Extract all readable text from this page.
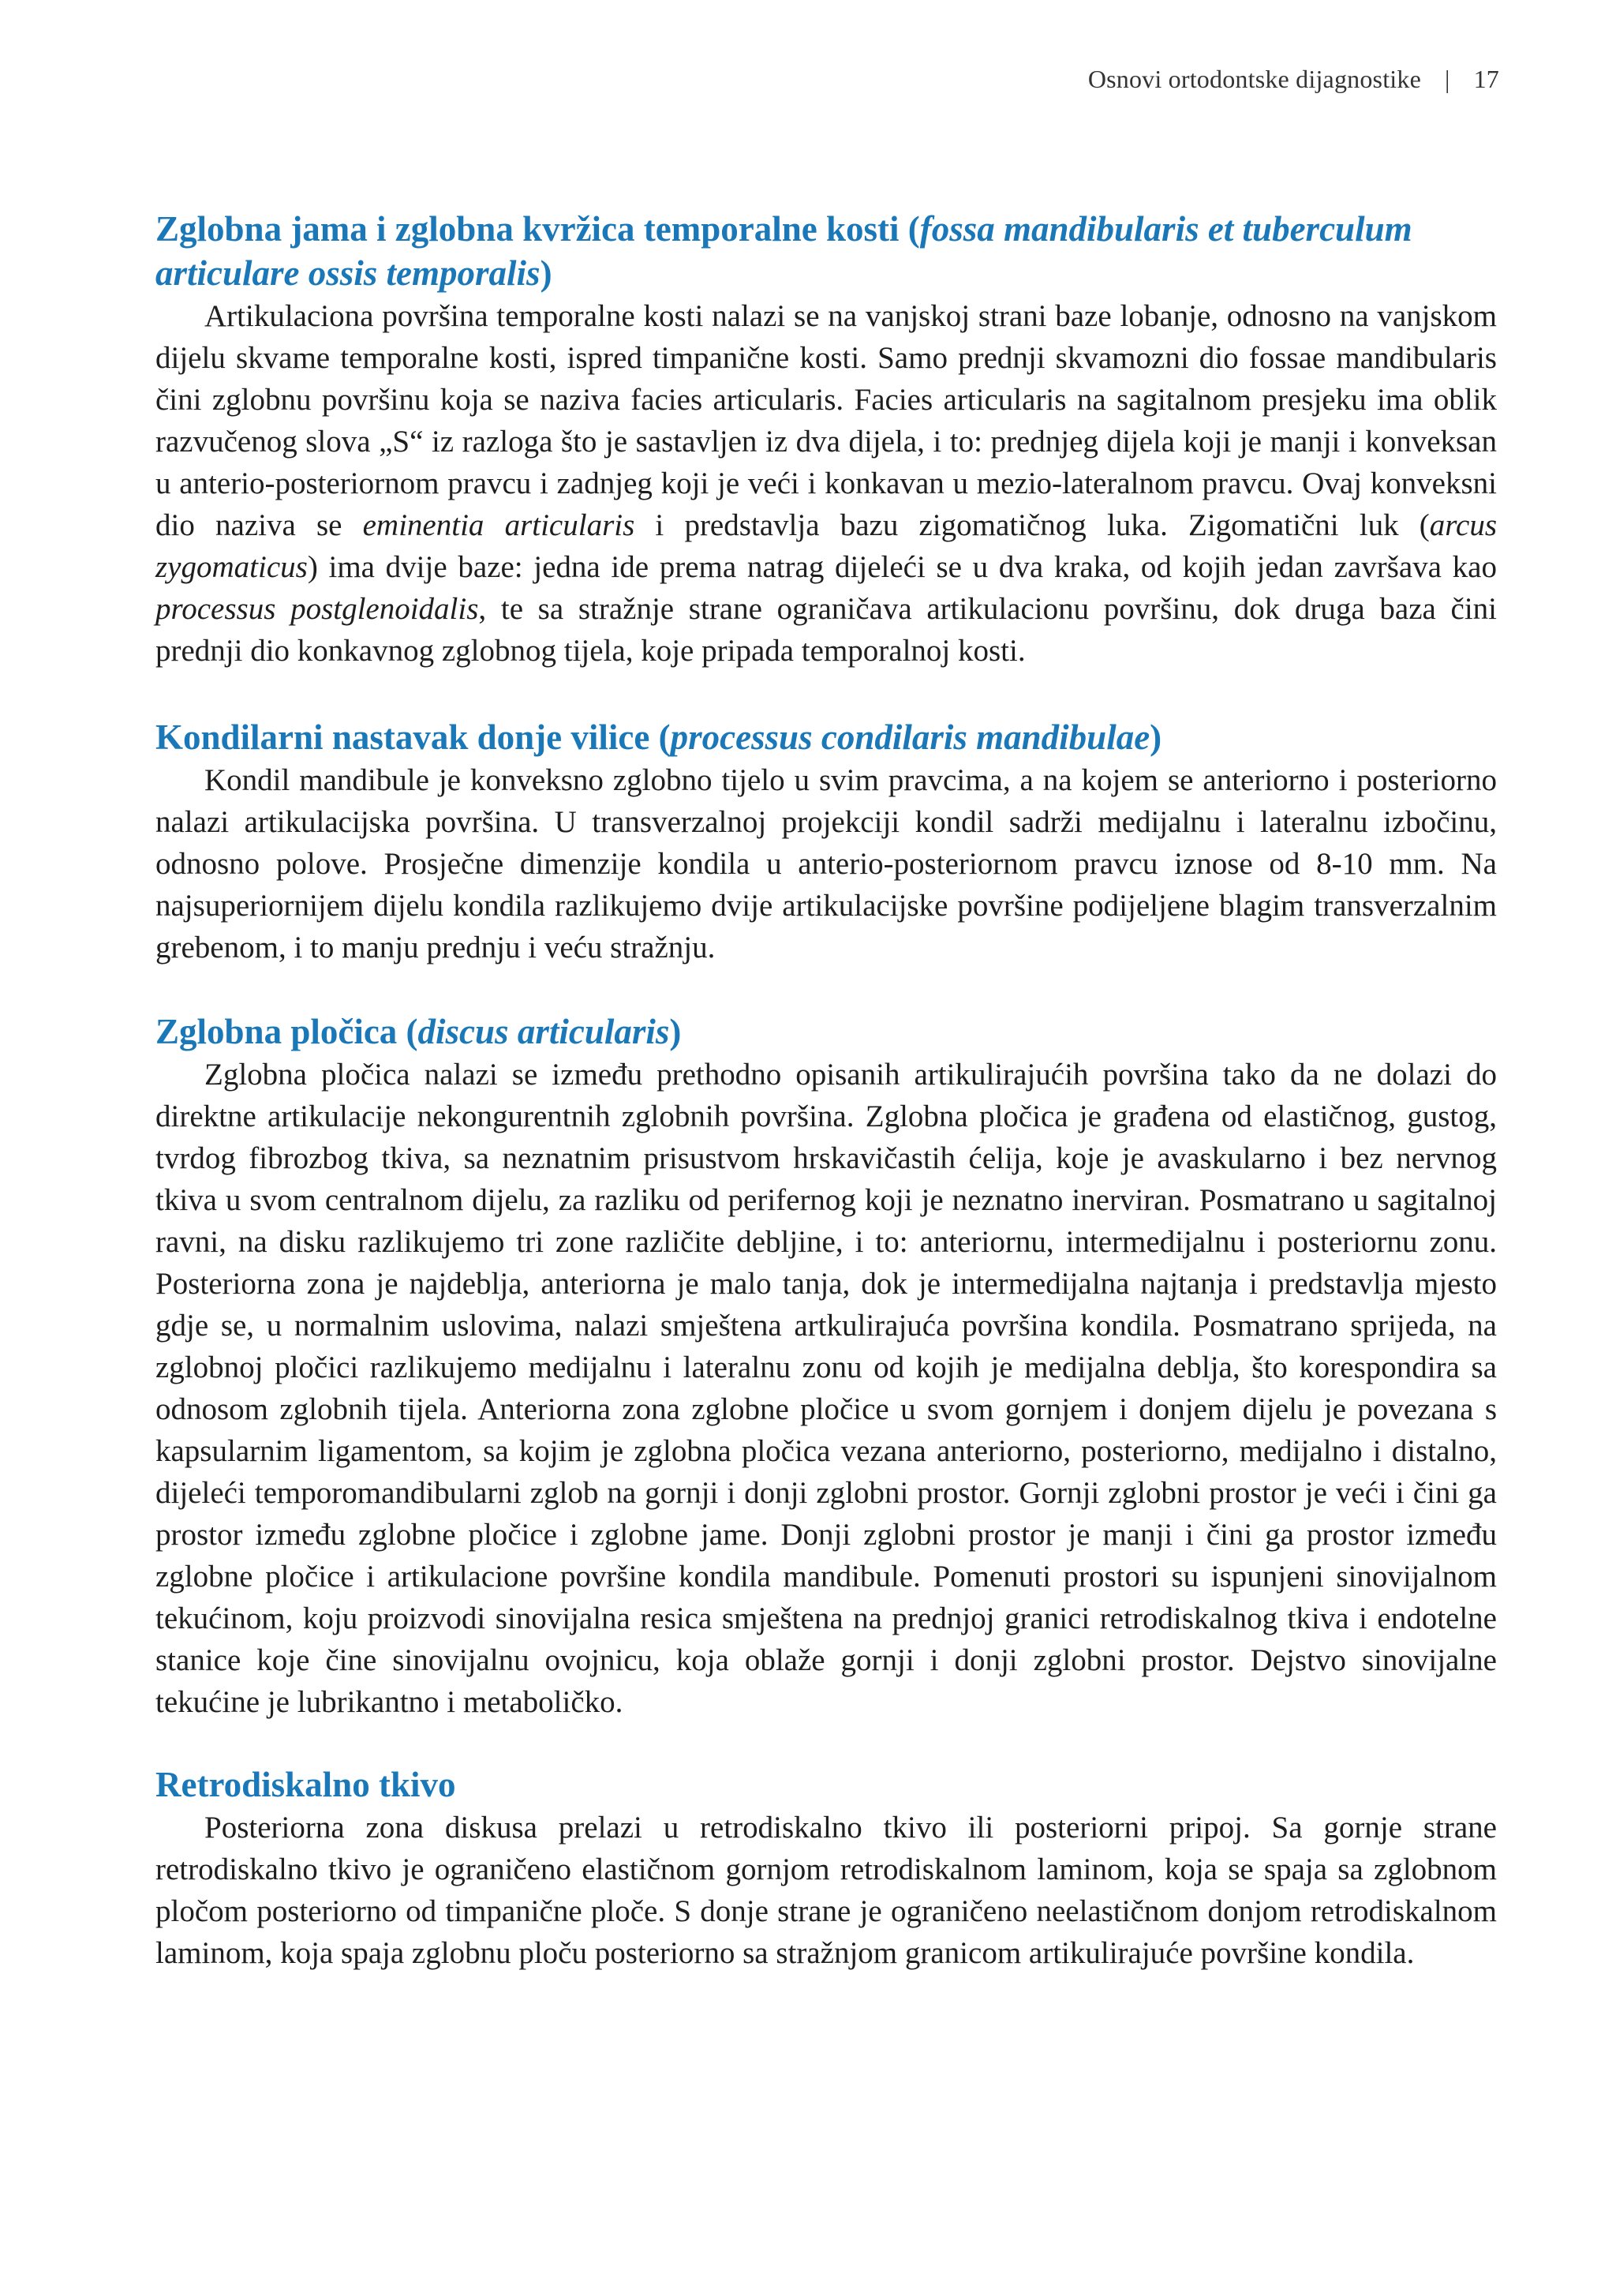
Osnovi ortodontske dijagnostike | 17
Zglobna jama i zglobna kvržica temporalne kosti (fossa mandibularis et tuberculum articulare ossis temporalis)

Artikulaciona površina temporalne kosti nalazi se na vanjskoj strani baze lobanje, odnosno na vanjskom dijelu skvame temporalne kosti, ispred timpanične kosti. Samo prednji skvamozni dio fossae mandibularis čini zglobnu površinu koja se naziva facies articularis. Facies articularis na sagitalnom presjeku ima oblik razvučenog slova „S“ iz razloga što je sastavljen iz dva dijela, i to: prednjeg dijela koji je manji i konveksan u anterio-posteriornom pravcu i zadnjeg koji je veći i konkavan u mezio-lateralnom pravcu. Ovaj konveksni dio naziva se eminentia articularis i predstavlja bazu zigomatičnog luka. Zigomatični luk (arcus zygomaticus) ima dvije baze: jedna ide prema natrag dijeleći se u dva kraka, od kojih jedan završava kao processus postglenoidalis, te sa stražnje strane ograničava artikulacionu površinu, dok druga baza čini prednji dio konkavnog zglobnog tijela, koje pripada temporalnoj kosti.

Kondilarni nastavak donje vilice (processus condilaris mandibulae)

Kondil mandibule je konveksno zglobno tijelo u svim pravcima, a na kojem se anteriorno i posteriorno nalazi artikulacijska površina. U transverzalnoj projekciji kondil sadrži medijalnu i lateralnu izbočinu, odnosno polove. Prosječne dimenzije kondila u anterio-posteriornom pravcu iznose od 8-10 mm. Na najsuperiornijem dijelu kondila razlikujemo dvije artikulacijske površine podijeljene blagim transverzalnim grebenom, i to manju prednju i veću stražnju.

Zglobna pločica (discus articularis)

Zglobna pločica nalazi se između prethodno opisanih artikulirajućih površina tako da ne dolazi do direktne artikulacije nekongurentnih zglobnih površina. Zglobna pločica je građena od elastičnog, gustog, tvrdog fibrozbog tkiva, sa neznatnim prisustvom hrskavičastih ćelija, koje je avaskularno i bez nervnog tkiva u svom centralnom dijelu, za razliku od perifernog koji je neznatno inerviran. Posmatrano u sagitalnoj ravni, na disku razlikujemo tri zone različite debljine, i to: anteriornu, intermedijalnu i posteriornu zonu. Posteriorna zona je najdeblja, anteriorna je malo tanja, dok je intermedijalna najtanja i predstavlja mjesto gdje se, u normalnim uslovima, nalazi smještena artkulirajuća površina kondila. Posmatrano sprijeda, na zglobnoj pločici razlikujemo medijalnu i lateralnu zonu od kojih je medijalna deblja, što korespondira sa odnosom zglobnih tijela. Anteriorna zona zglobne pločice u svom gornjem i donjem dijelu je povezana s kapsularnim ligamentom, sa kojim je zglobna pločica vezana anteriorno, posteriorno, medijalno i distalno, dijeleći temporomandibularni zglob na gornji i donji zglobni prostor. Gornji zglobni prostor je veći i čini ga prostor između zglobne pločice i zglobne jame. Donji zglobni prostor je manji i čini ga prostor između zglobne pločice i artikulacione površine kondila mandibule. Pomenuti prostori su ispunjeni sinovijalnom tekućinom, koju proizvodi sinovijalna resica smještena na prednjoj granici retrodiskalnog tkiva i endotelne stanice koje čine sinovijalnu ovojnicu, koja oblaže gornji i donji zglobni prostor. Dejstvo sinovijalne tekućine je lubrikantno i metaboličko.

Retrodiskalno tkivo

Posteriorna zona diskusa prelazi u retrodiskalno tkivo ili posteriorni pripoj. Sa gornje strane retrodiskalno tkivo je ograničeno elastičnom gornjom retrodiskalnom laminom, koja se spaja sa zglobnom pločom posteriorno od timpanične ploče. S donje strane je ograničeno neelastičnom donjom retrodiskalnom laminom, koja spaja zglobnu ploču posteriorno sa stražnjom granicom artikulirajuće površine kondila.
